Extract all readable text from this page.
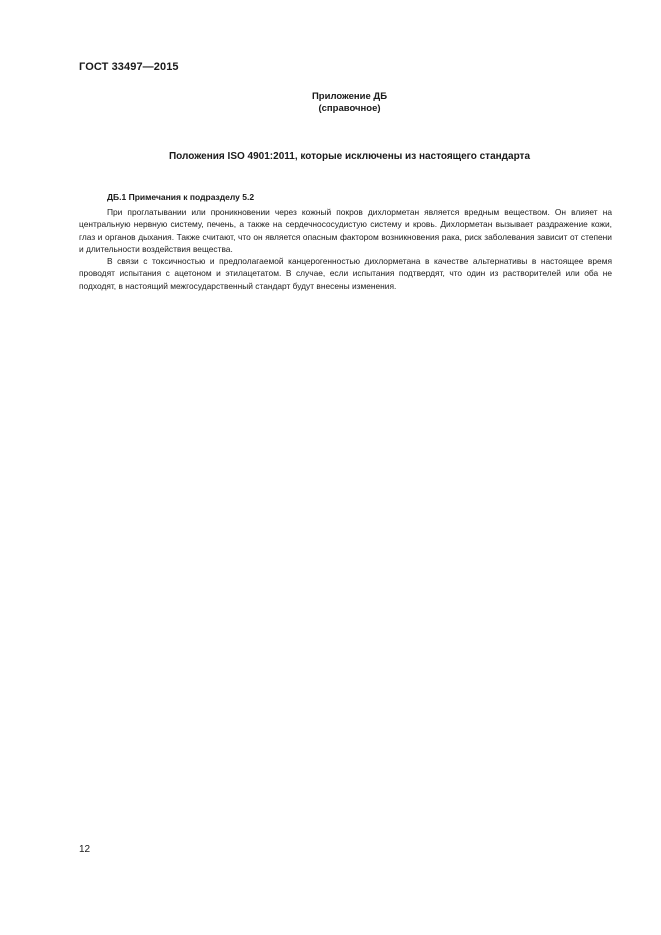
ГОСТ 33497—2015
Приложение ДБ
(справочное)
Положения ISO 4901:2011, которые исключены из настоящего стандарта
ДБ.1 Примечания к подразделу 5.2

При проглатывании или проникновении через кожный покров дихлорметан является вредным веществом. Он влияет на центральную нервную систему, печень, а также на сердечнососудистую систему и кровь. Дихлорметан вызывает раздражение кожи, глаз и органов дыхания. Также считают, что он является опасным фактором возникновения рака, риск заболевания зависит от степени и длительности воздействия вещества.

В связи с токсичностью и предполагаемой канцерогенностью дихлорметана в качестве альтернативы в настоящее время проводят испытания с ацетоном и этилацетатом. В случае, если испытания подтвердят, что один из растворителей или оба не подходят, в настоящий межгосударственный стандарт будут внесены изменения.

12
